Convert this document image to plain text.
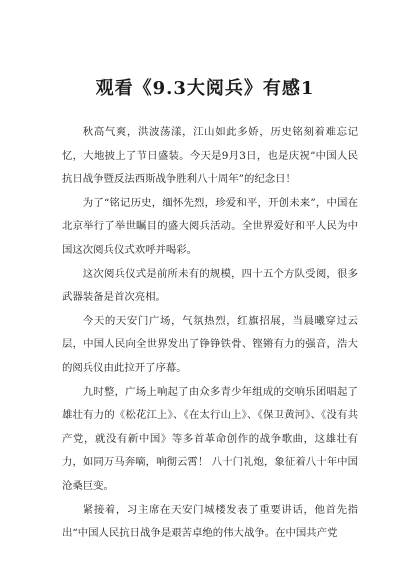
观看《9.3大阅兵》有感1

秋高气爽，洪波荡漾，江山如此多娇，历史铭刻着难忘记忆，大地披上了节日盛装。今天是9月3日，也是庆祝“中国人民抗日战争暨反法西斯战争胜利八十周年”的纪念日！

为了“铭记历史，缅怀先烈，珍爱和平，开创未来”，中国在北京举行了举世瞩目的盛大阅兵活动。全世界爱好和平人民为中国这次阅兵仪式欢呼并喝彩。

这次阅兵仪式是前所未有的规模，四十五个方队受阅，很多武器装备是首次亮相。

今天的天安门广场，气氛热烈，红旗招展，当晨曦穿过云层，中国人民向全世界发出了铮铮铁骨、铿锵有力的强音，浩大的阅兵仪由此拉开了序幕。

九时整，广场上响起了由众多青少年组成的交响乐团唱起了雄壮有力的《松花江上》、《在太行山上》、《保卫黄河》、《没有共产党，就没有新中国》等多首革命创作的战争歌曲，这雄壮有力，如同万马奔嘀，响彻云霄！ 八十门礼炮，象征着八十年中国沧桑巨变。

紧接着，习主席在天安门城楼发表了重要讲话，他首先指出“中国人民抗日战争是艰苦卓绝的伟大战争。在中国共产党
